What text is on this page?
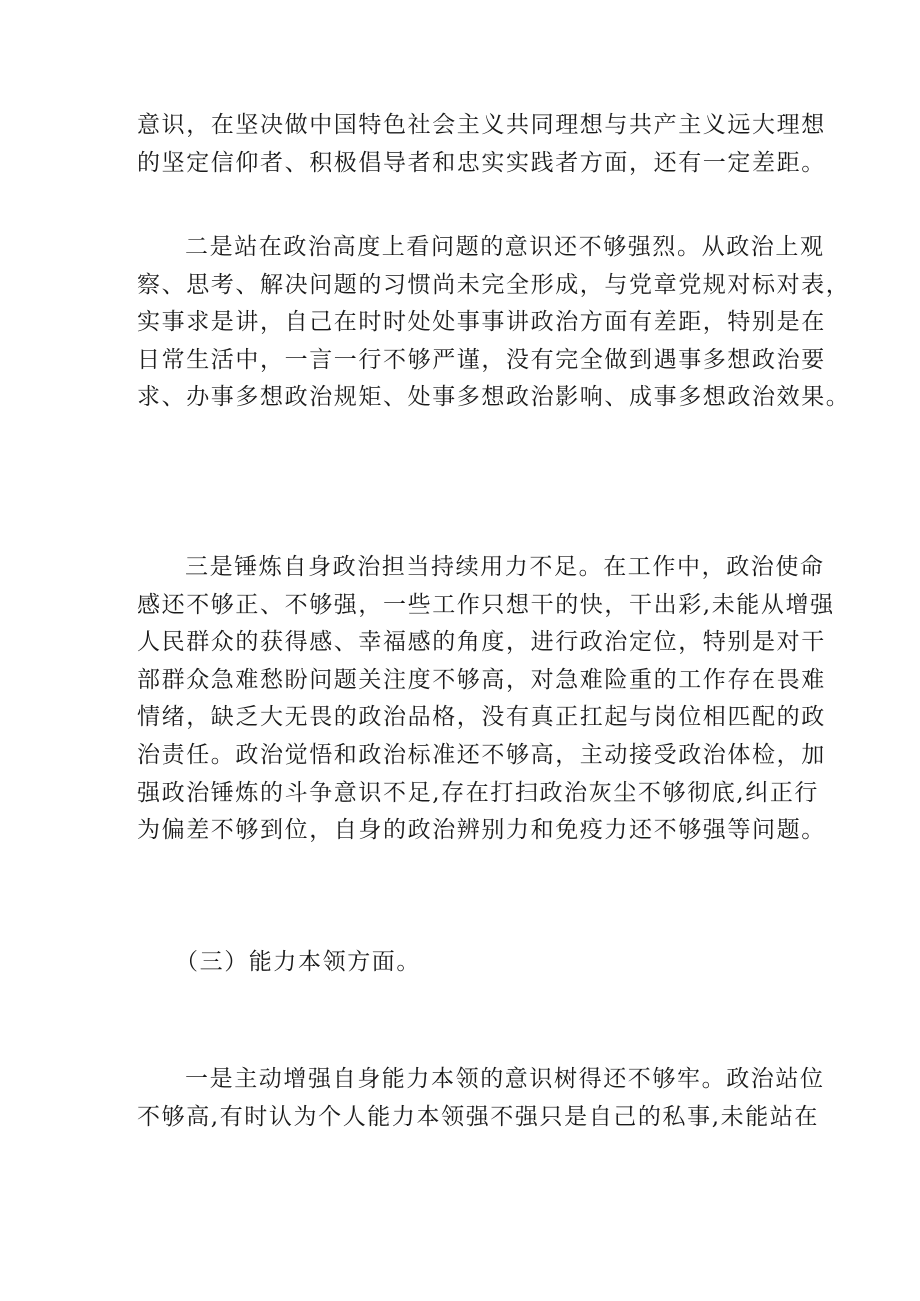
意识，在坚决做中国特色社会主义共同理想与共产主义远大理想
的坚定信仰者、积极倡导者和忠实实践者方面，还有一定差距。
二是站在政治高度上看问题的意识还不够强烈。从政治上观
察、思考、解决问题的习惯尚未完全形成，与党章党规对标对表，
实事求是讲，自己在时时处处事事讲政治方面有差距，特别是在
日常生活中，一言一行不够严谨，没有完全做到遇事多想政治要
求、办事多想政治规矩、处事多想政治影响、成事多想政治效果。
三是锤炼自身政治担当持续用力不足。在工作中，政治使命
感还不够正、不够强，一些工作只想干的快，干出彩,未能从增强
人民群众的获得感、幸福感的角度，进行政治定位，特别是对干
部群众急难愁盼问题关注度不够高，对急难险重的工作存在畏难
情绪，缺乏大无畏的政治品格，没有真正扛起与岗位相匹配的政
治责任。政治觉悟和政治标准还不够高，主动接受政治体检，加
强政治锤炼的斗争意识不足,存在打扫政治灰尘不够彻底,纠正行
为偏差不够到位，自身的政治辨别力和免疫力还不够强等问题。

（三）能力本领方面。

一是主动增强自身能力本领的意识树得还不够牢。政治站位
不够高,有时认为个人能力本领强不强只是自己的私事,未能站在
